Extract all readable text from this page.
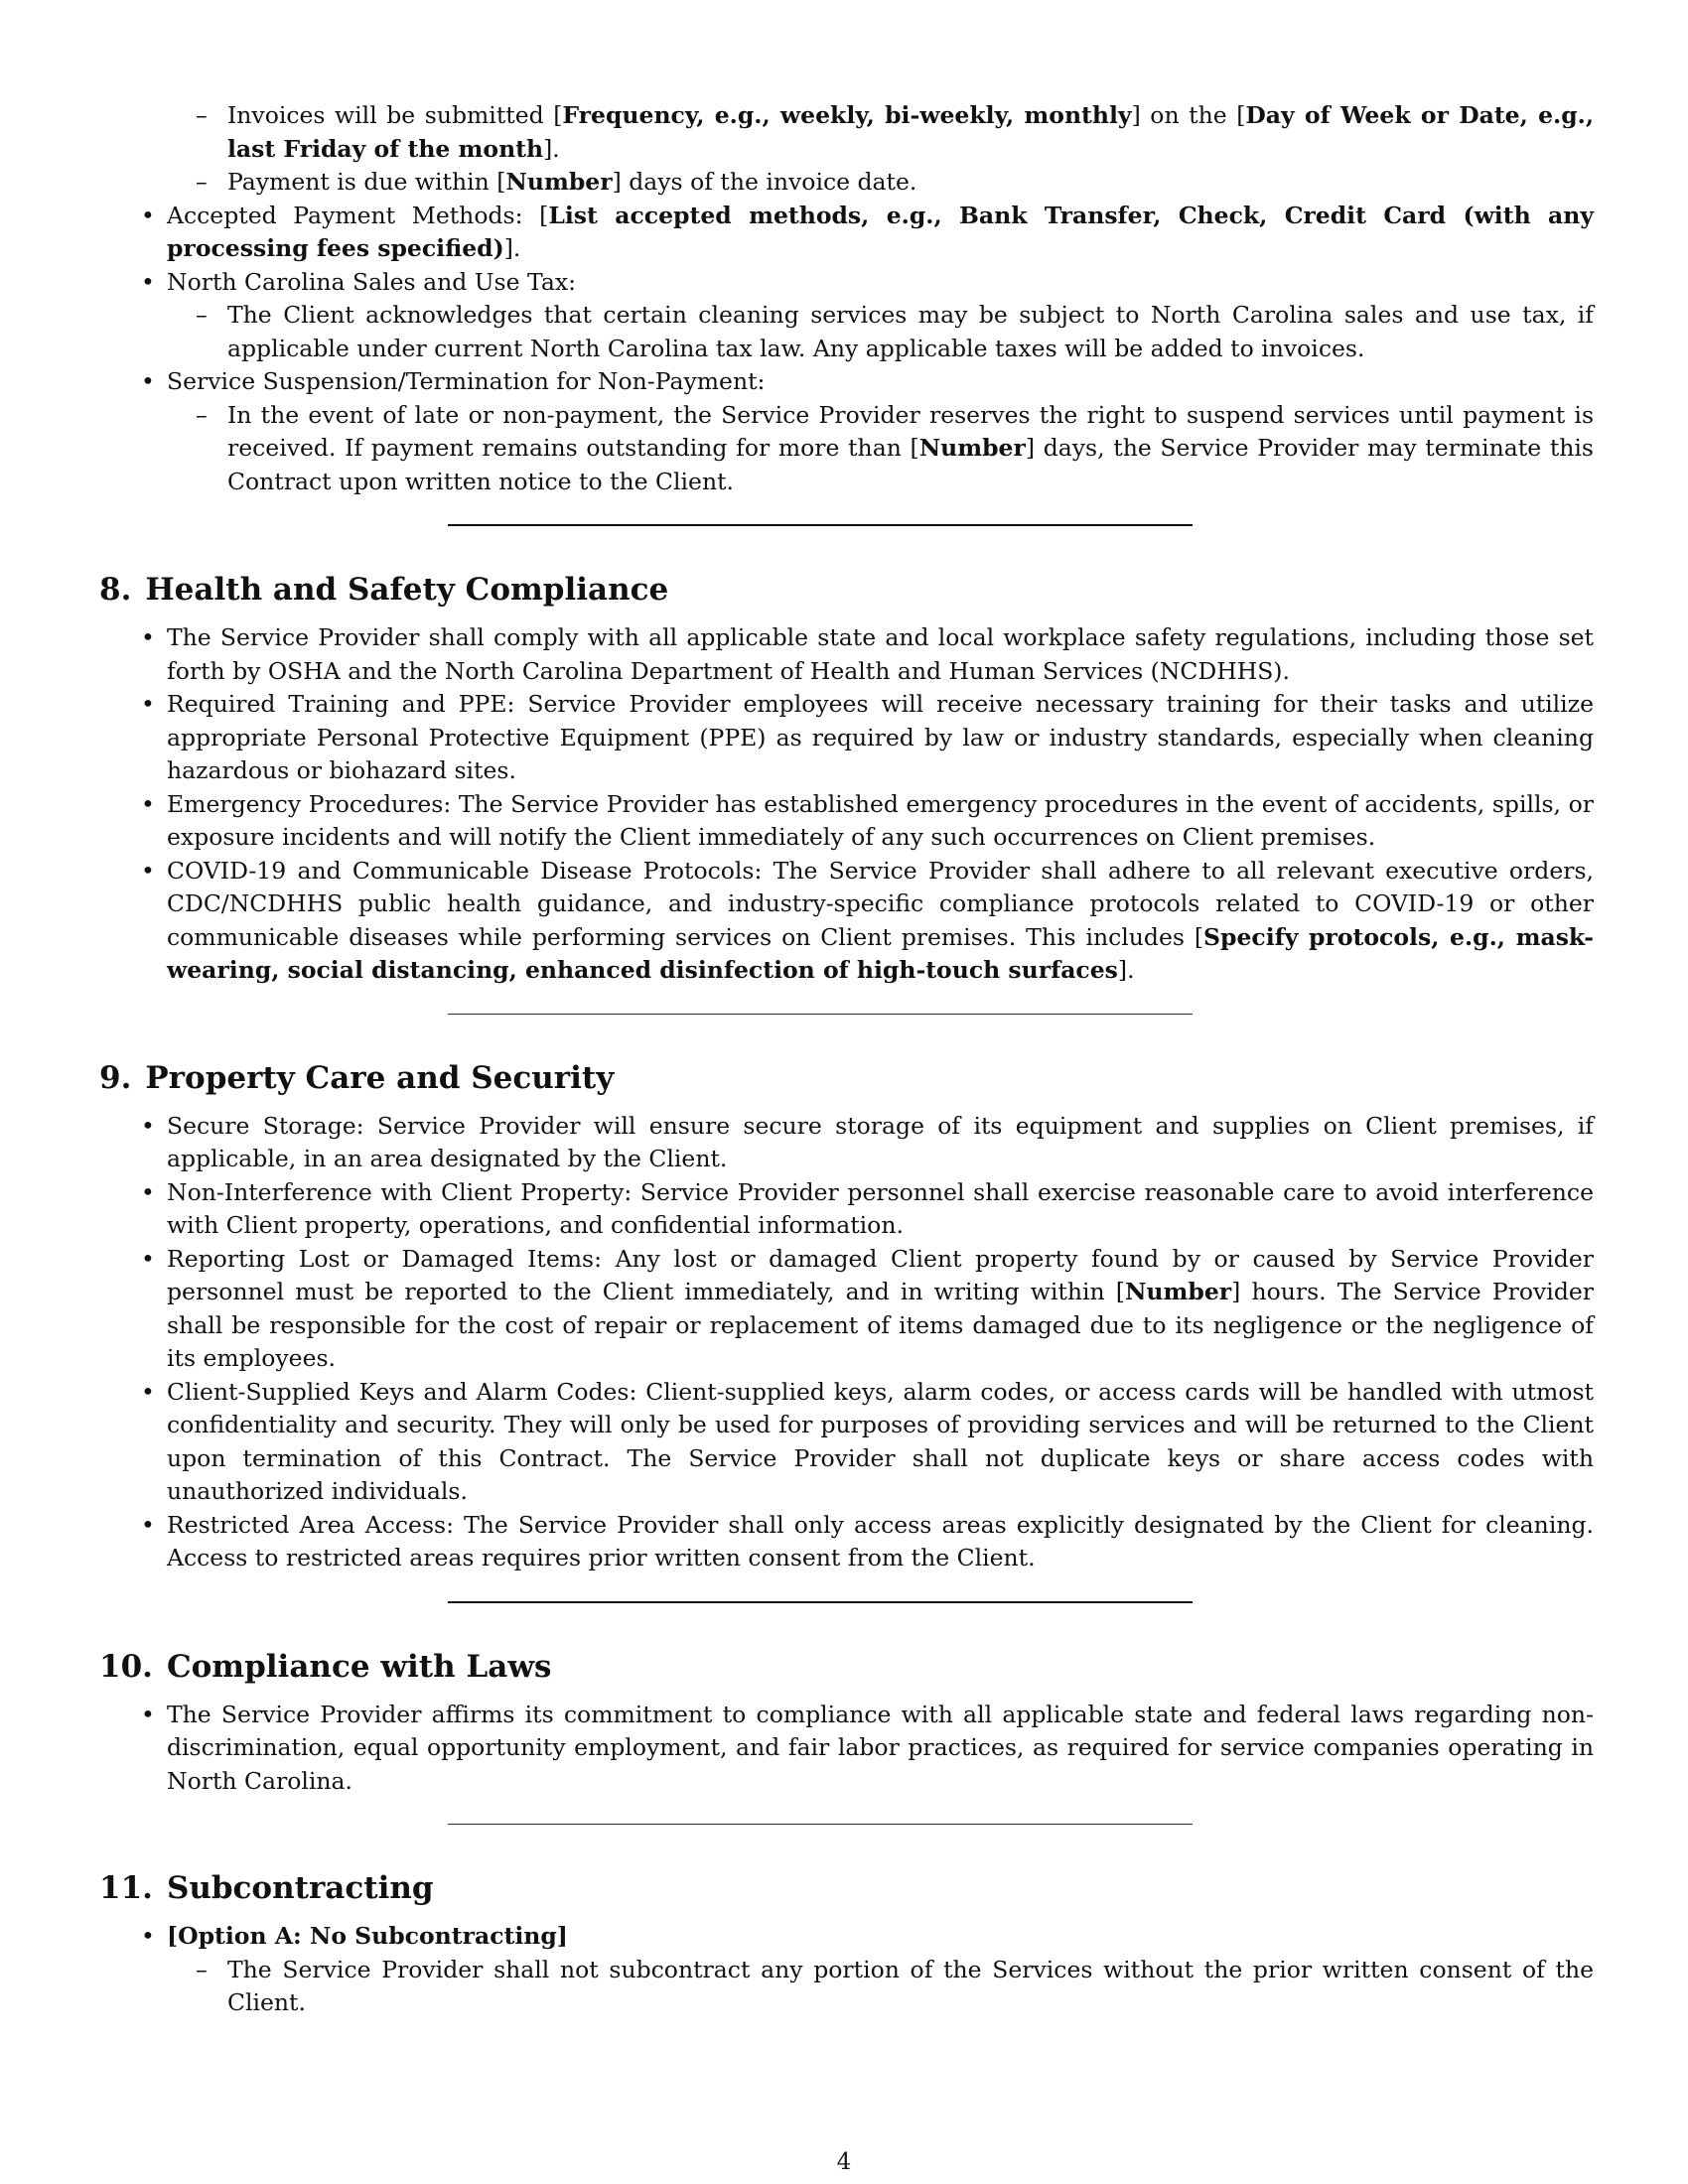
– Invoices will be submitted [Frequency, e.g., weekly, bi-weekly, monthly] on the [Day of Week or Date, e.g., last Friday of the month].
– Payment is due within [Number] days of the invoice date.
• Accepted Payment Methods: [List accepted methods, e.g., Bank Transfer, Check, Credit Card (with any processing fees specified)].
• North Carolina Sales and Use Tax:
– The Client acknowledges that certain cleaning services may be subject to North Carolina sales and use tax, if applicable under current North Carolina tax law. Any applicable taxes will be added to invoices.
• Service Suspension/Termination for Non-Payment:
– In the event of late or non-payment, the Service Provider reserves the right to suspend services until payment is received. If payment remains outstanding for more than [Number] days, the Service Provider may terminate this Contract upon written notice to the Client.
8. Health and Safety Compliance
• The Service Provider shall comply with all applicable state and local workplace safety regulations, including those set forth by OSHA and the North Carolina Department of Health and Human Services (NCDHHS).
• Required Training and PPE: Service Provider employees will receive necessary training for their tasks and utilize appropriate Personal Protective Equipment (PPE) as required by law or industry standards, especially when cleaning hazardous or biohazard sites.
• Emergency Procedures: The Service Provider has established emergency procedures in the event of accidents, spills, or exposure incidents and will notify the Client immediately of any such occurrences on Client premises.
• COVID-19 and Communicable Disease Protocols: The Service Provider shall adhere to all relevant executive orders, CDC/NCDHHS public health guidance, and industry-specific compliance protocols related to COVID-19 or other communicable diseases while performing services on Client premises. This includes [Specify protocols, e.g., mask-wearing, social distancing, enhanced disinfection of high-touch surfaces].
9. Property Care and Security
• Secure Storage: Service Provider will ensure secure storage of its equipment and supplies on Client premises, if applicable, in an area designated by the Client.
• Non-Interference with Client Property: Service Provider personnel shall exercise reasonable care to avoid interference with Client property, operations, and confidential information.
• Reporting Lost or Damaged Items: Any lost or damaged Client property found by or caused by Service Provider personnel must be reported to the Client immediately, and in writing within [Number] hours. The Service Provider shall be responsible for the cost of repair or replacement of items damaged due to its negligence or the negligence of its employees.
• Client-Supplied Keys and Alarm Codes: Client-supplied keys, alarm codes, or access cards will be handled with utmost confidentiality and security. They will only be used for purposes of providing services and will be returned to the Client upon termination of this Contract. The Service Provider shall not duplicate keys or share access codes with unauthorized individuals.
• Restricted Area Access: The Service Provider shall only access areas explicitly designated by the Client for cleaning. Access to restricted areas requires prior written consent from the Client.
10. Compliance with Laws
• The Service Provider affirms its commitment to compliance with all applicable state and federal laws regarding non-discrimination, equal opportunity employment, and fair labor practices, as required for service companies operating in North Carolina.
11. Subcontracting
• [Option A: No Subcontracting]
– The Service Provider shall not subcontract any portion of the Services without the prior written consent of the Client.
4
